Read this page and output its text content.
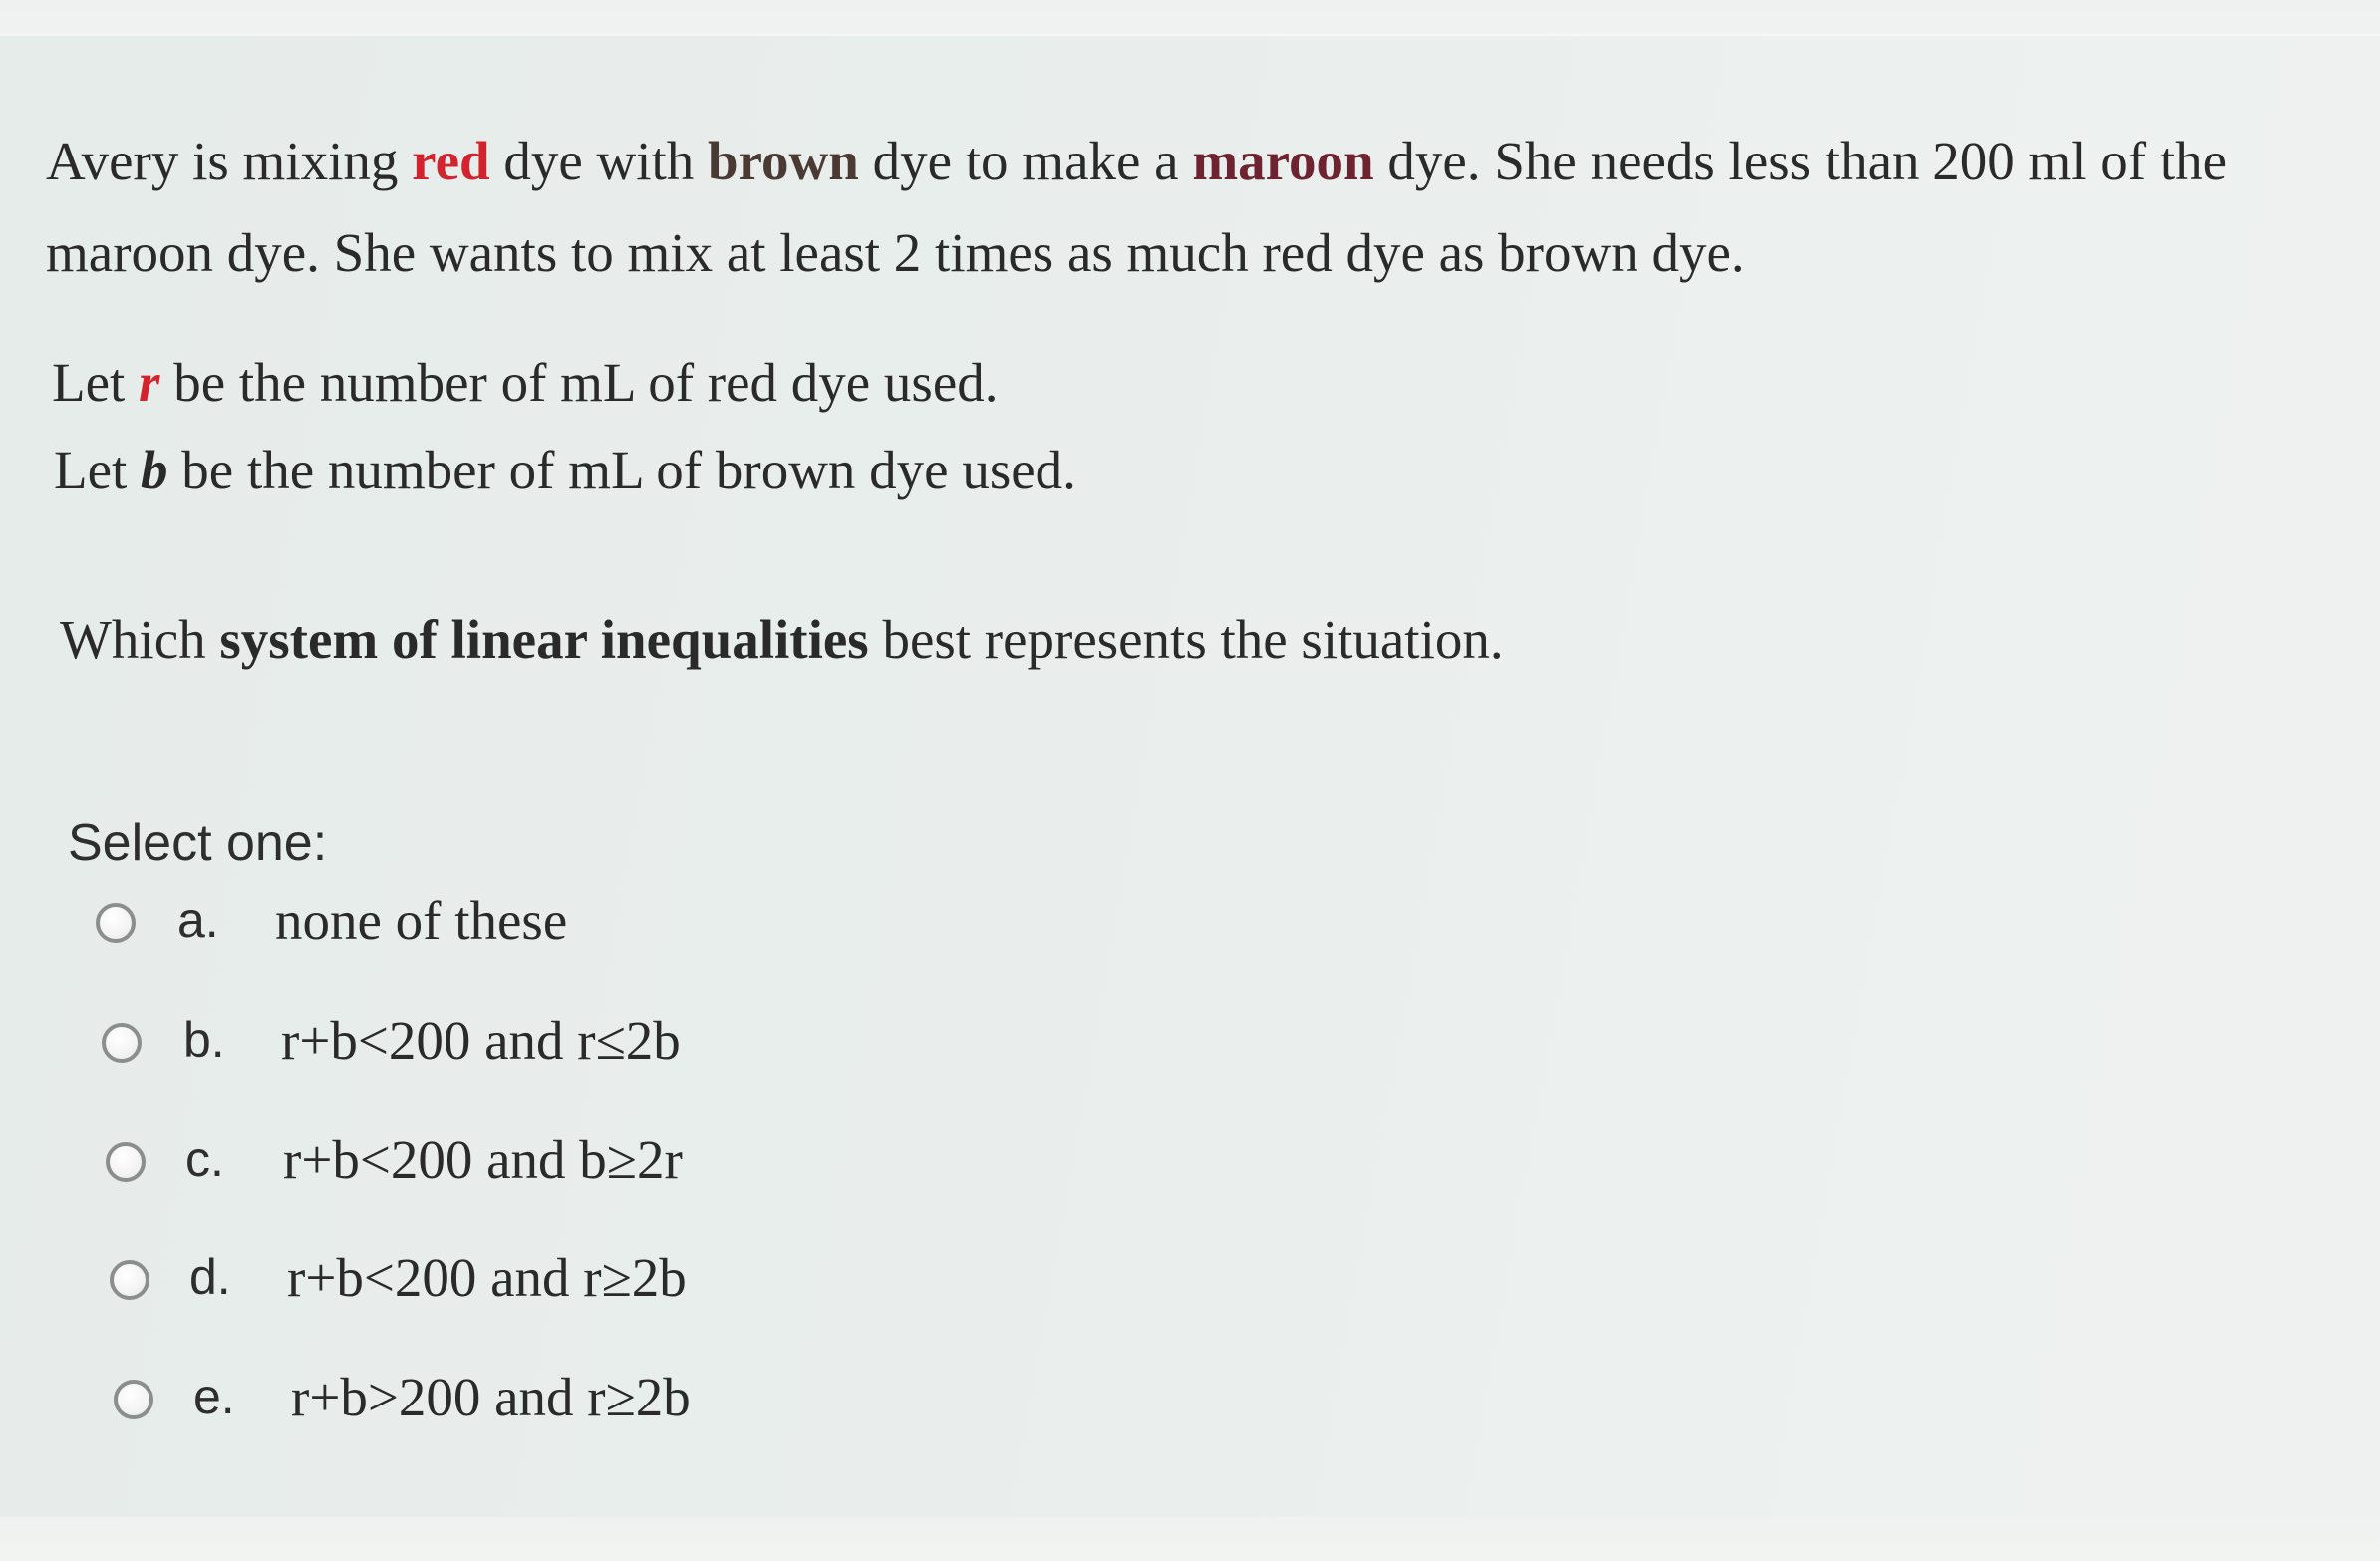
Avery is mixing red dye with brown dye to make a maroon dye. She needs less than 200 ml of the maroon dye. She wants to mix at least 2 times as much red dye as brown dye.
Let r be the number of mL of red dye used.
Let b be the number of mL of brown dye used.
Which system of linear inequalities best represents the situation.
Select one:
a. none of these
b. r+b<200 and r≤2b
c. r+b<200 and b≥2r
d. r+b<200 and r≥2b
e. r+b>200 and r≥2b
